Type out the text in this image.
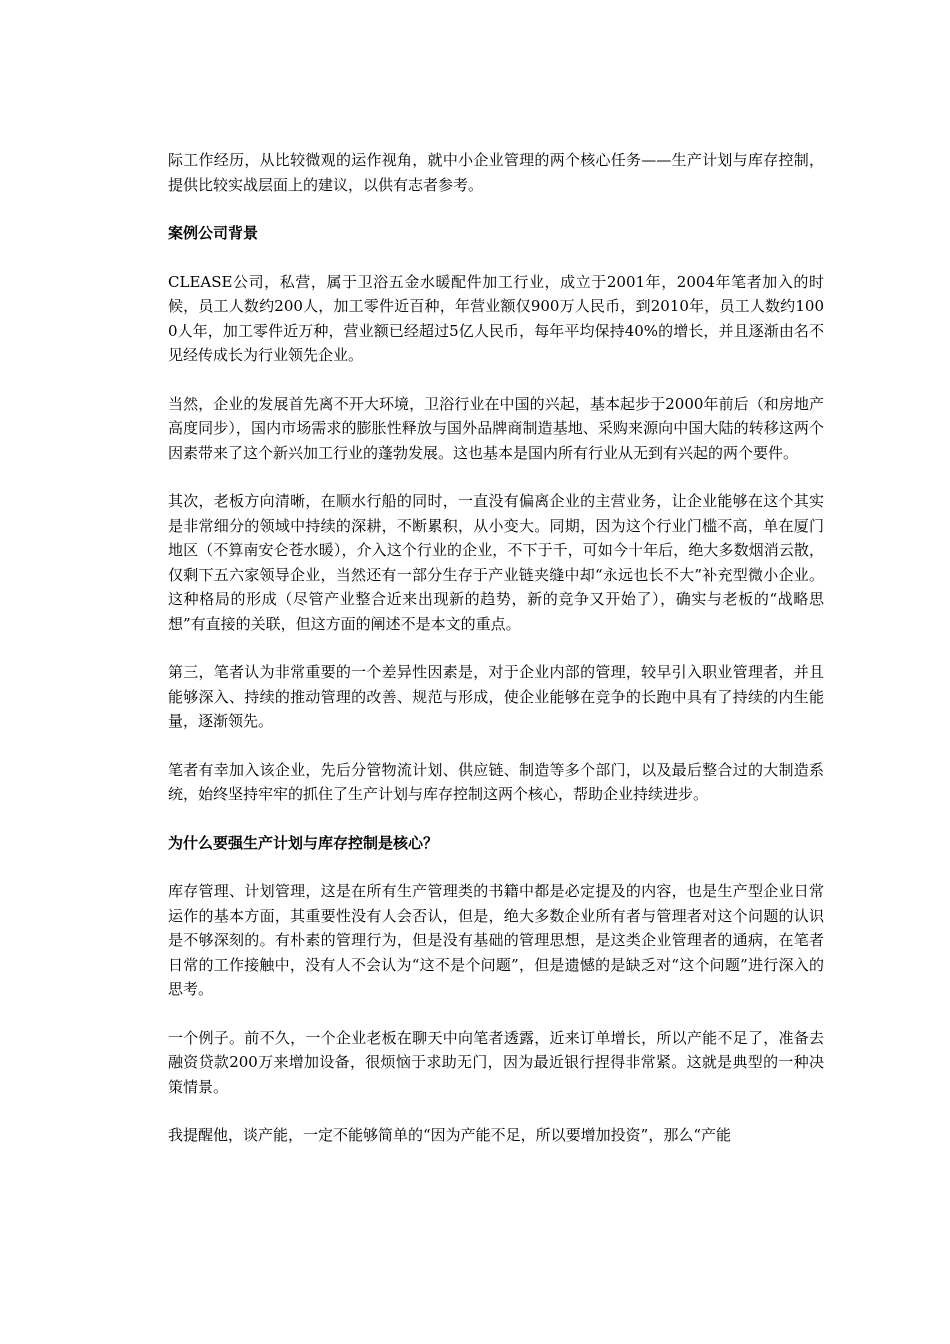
际工作经历，从比较微观的运作视角，就中小企业管理的两个核心任务——生产计划与库存控制，提供比较实战层面上的建议，以供有志者参考。

案例公司背景

CLEASE公司，私营，属于卫浴五金水暖配件加工行业，成立于2001年，2004年笔者加入的时候，员工人数约200人，加工零件近百种，年营业额仅900万人民币，到2010年，员工人数约1000人年，加工零件近万种，营业额已经超过5亿人民币，每年平均保持40%的增长，并且逐渐由名不见经传成长为行业领先企业。

当然，企业的发展首先离不开大环境，卫浴行业在中国的兴起，基本起步于2000年前后（和房地产高度同步），国内市场需求的膨胀性释放与国外品牌商制造基地、采购来源向中国大陆的转移这两个因素带来了这个新兴加工行业的蓬勃发展。这也基本是国内所有行业从无到有兴起的两个要件。

其次，老板方向清晰，在顺水行船的同时，一直没有偏离企业的主营业务，让企业能够在这个其实是非常细分的领域中持续的深耕，不断累积，从小变大。同期，因为这个行业门槛不高，单在厦门地区（不算南安仑苍水暖），介入这个行业的企业，不下于千，可如今十年后，绝大多数烟消云散，仅剩下五六家领导企业，当然还有一部分生存于产业链夹缝中却“永远也长不大”补充型微小企业。这种格局的形成（尽管产业整合近来出现新的趋势，新的竞争又开始了），确实与老板的“战略思想”有直接的关联，但这方面的阐述不是本文的重点。

第三，笔者认为非常重要的一个差异性因素是，对于企业内部的管理，较早引入职业管理者，并且能够深入、持续的推动管理的改善、规范与形成，使企业能够在竞争的长跑中具有了持续的内生能量，逐渐领先。

笔者有幸加入该企业，先后分管物流计划、供应链、制造等多个部门，以及最后整合过的大制造系统，始终坚持牢牢的抓住了生产计划与库存控制这两个核心，帮助企业持续进步。

为什么要强生产计划与库存控制是核心？

库存管理、计划管理，这是在所有生产管理类的书籍中都是必定提及的内容，也是生产型企业日常运作的基本方面，其重要性没有人会否认，但是，绝大多数企业所有者与管理者对这个问题的认识是不够深刻的。有朴素的管理行为，但是没有基础的管理思想，是这类企业管理者的通病，在笔者日常的工作接触中，没有人不会认为“这不是个问题”，但是遗憾的是缺乏对“这个问题”进行深入的思考。

一个例子。前不久，一个企业老板在聊天中向笔者透露，近来订单增长，所以产能不足了，准备去融资贷款200万来增加设备，很烦恼于求助无门，因为最近银行捏得非常紧。这就是典型的一种决策情景。

我提醒他，谈产能，一定不能够简单的“因为产能不足，所以要增加投资”，那么“产能
